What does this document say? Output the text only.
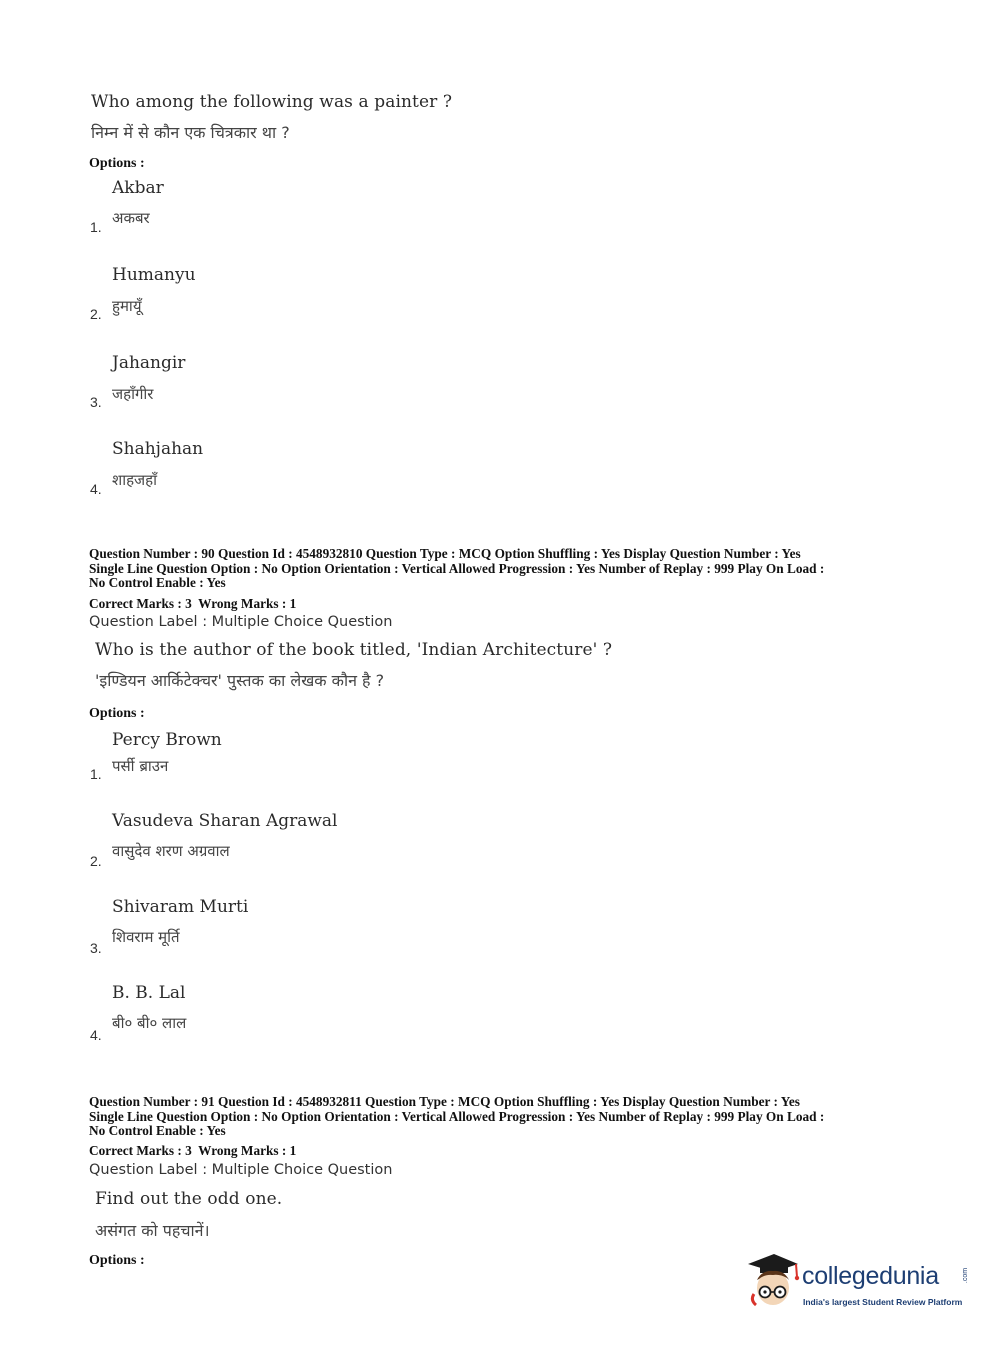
Who among the following was a painter ?
निम्न में से कौन एक चित्रकार था ?
Options :
Akbar
अकबर
1.
Humanyu
हुमायूँ
2.
Jahangir
जहाँगीर
3.
Shahjahan
शाहजहाँ
4.
Question Number : 90 Question Id : 4548932810 Question Type : MCQ Option Shuffling : Yes Display Question Number : Yes
Single Line Question Option : No Option Orientation : Vertical Allowed Progression : Yes Number of Replay : 999 Play On Load :
No Control Enable : Yes
Correct Marks : 3  Wrong Marks : 1
Question Label : Multiple Choice Question
Who is the author of the book titled, 'Indian Architecture' ?
'इण्डियन आर्किटेक्चर' पुस्तक का लेखक कौन है ?
Options :
Percy Brown
पर्सी ब्राउन
1.
Vasudeva Sharan Agrawal
वासुदेव शरण अग्रवाल
2.
Shivaram Murti
शिवराम मूर्ति
3.
B. B. Lal
बी० बी० लाल
4.
Question Number : 91 Question Id : 4548932811 Question Type : MCQ Option Shuffling : Yes Display Question Number : Yes
Single Line Question Option : No Option Orientation : Vertical Allowed Progression : Yes Number of Replay : 999 Play On Load :
No Control Enable : Yes
Correct Marks : 3  Wrong Marks : 1
Question Label : Multiple Choice Question
Find out the odd one.
असंगत को पहचानें।
Options :
collegedunia	.com
India's largest Student Review Platform
